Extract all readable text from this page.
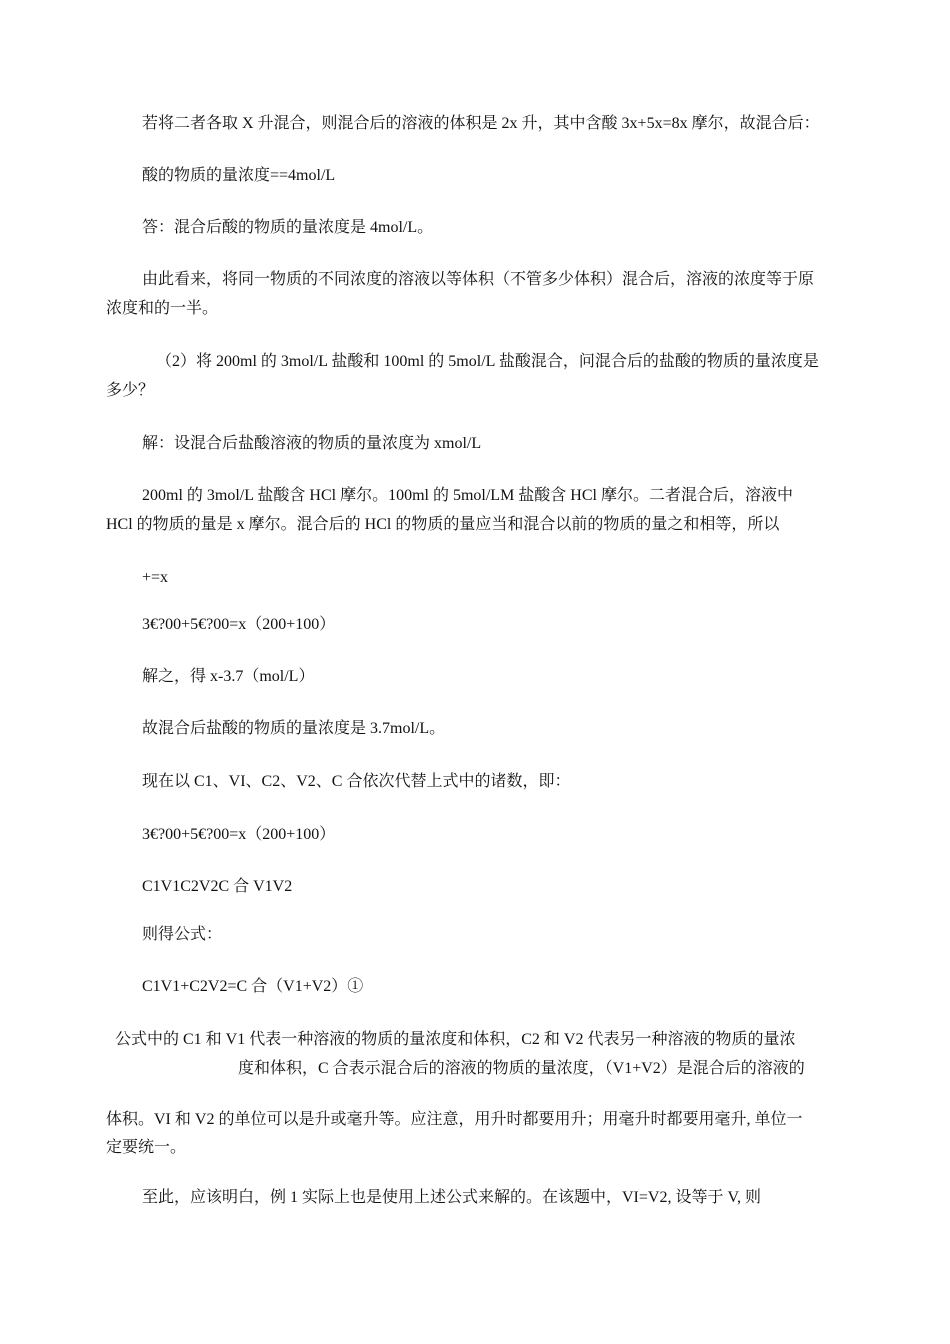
若将二者各取 X 升混合，则混合后的溶液的体积是 2x 升，其中含酸 3x+5x=8x 摩尔，故混合后：
酸的物质的量浓度==4mol/L
答：混合后酸的物质的量浓度是 4mol/L。
由此看来，将同一物质的不同浓度的溶液以等体积（不管多少体积）混合后，溶液的浓度等于原
浓度和的一半。
（2）将 200ml 的 3mol/L 盐酸和 100ml 的 5mol/L 盐酸混合，问混合后的盐酸的物质的量浓度是
多少？
解：设混合后盐酸溶液的物质的量浓度为 xmol/L
200ml 的 3mol/L 盐酸含 HCl 摩尔。100ml 的 5mol/LM 盐酸含 HCl 摩尔。二者混合后，溶液中
HCl 的物质的量是 x 摩尔。混合后的 HCl 的物质的量应当和混合以前的物质的量之和相等，所以
+=x
3€?00+5€?00=x（200+100）
解之，得 x-3.7（mol/L）
故混合后盐酸的物质的量浓度是 3.7mol/L。
现在以 C1、VI、C2、V2、C 合依次代替上式中的诸数，即：
3€?00+5€?00=x（200+100）
C1V1C2V2C 合 V1V2
则得公式：
C1V1+C2V2=C 合（V1+V2）①
公式中的 C1 和 V1 代表一种溶液的物质的量浓度和体积，C2 和 V2 代表另一种溶液的物质的量浓
度和体积，C 合表示混合后的溶液的物质的量浓度，（V1+V2）是混合后的溶液的
体积。VI 和 V2 的单位可以是升或毫升等。应注意，用升时都要用升；用毫升时都要用毫升, 单位一
定要统一。
至此，应该明白，例 1 实际上也是使用上述公式来解的。在该题中，VI=V2, 设等于 V, 则
